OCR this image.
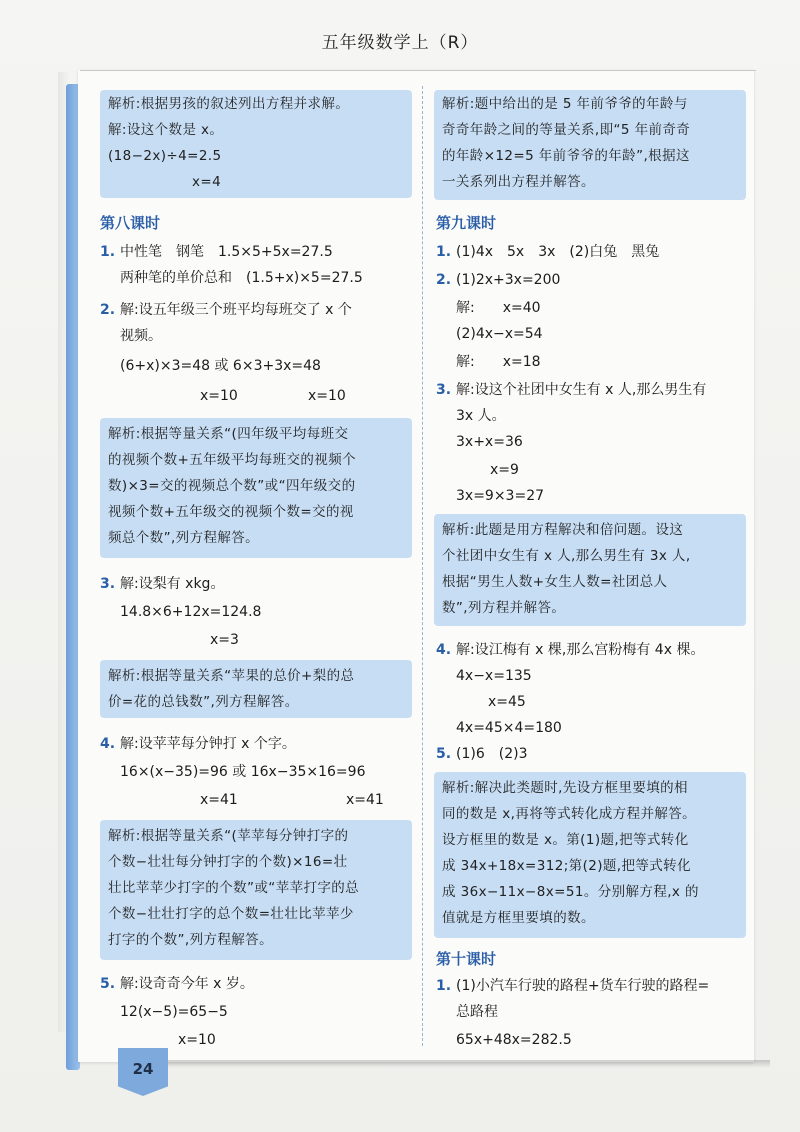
五年级数学上（R）
解析:根据男孩的叙述列出方程并求解。
解:设这个数是 x。
(18−2x)÷4=2.5
x=4
第八课时
1. 中性笔　钢笔　1.5×5+5x=27.5
两种笔的单价总和　(1.5+x)×5=27.5
2. 解:设五年级三个班平均每班交了 x 个
视频。
(6+x)×3=48 或 6×3+3x=48
x=10	x=10
解析:根据等量关系“(四年级平均每班交
的视频个数+五年级平均每班交的视频个
数)×3=交的视频总个数”或“四年级交的
视频个数+五年级交的视频个数=交的视
频总个数”,列方程解答。
3. 解:设梨有 xkg。
14.8×6+12x=124.8
x=3
解析:根据等量关系“苹果的总价+梨的总
价=花的总钱数”,列方程解答。
4. 解:设苹苹每分钟打 x 个字。
16×(x−35)=96 或 16x−35×16=96
x=41	x=41
解析:根据等量关系“(苹苹每分钟打字的
个数−壮壮每分钟打字的个数)×16=壮
壮比苹苹少打字的个数”或“苹苹打字的总
个数−壮壮打字的总个数=壮壮比苹苹少
打字的个数”,列方程解答。
5. 解:设奇奇今年 x 岁。
12(x−5)=65−5
x=10
解析:题中给出的是 5 年前爷爷的年龄与
奇奇年龄之间的等量关系,即“5 年前奇奇
的年龄×12=5 年前爷爷的年龄”,根据这
一关系列出方程并解答。
第九课时
1. (1)4x　5x　3x　(2)白兔　黑兔
2. (1)2x+3x=200
解:　　x=40
(2)4x−x=54
解:　　x=18
3. 解:设这个社团中女生有 x 人,那么男生有
3x 人。
3x+x=36
x=9
3x=9×3=27
解析:此题是用方程解决和倍问题。设这
个社团中女生有 x 人,那么男生有 3x 人,
根据“男生人数+女生人数=社团总人
数”,列方程并解答。
4. 解:设江梅有 x 棵,那么宫粉梅有 4x 棵。
4x−x=135
x=45
4x=45×4=180
5. (1)6　(2)3
解析:解决此类题时,先设方框里要填的相
同的数是 x,再将等式转化成方程并解答。
设方框里的数是 x。第(1)题,把等式转化
成 34x+18x=312;第(2)题,把等式转化
成 36x−11x−8x=51。分别解方程,x 的
值就是方框里要填的数。
第十课时
1. (1)小汽车行驶的路程+货车行驶的路程=
总路程
65x+48x=282.5
24
